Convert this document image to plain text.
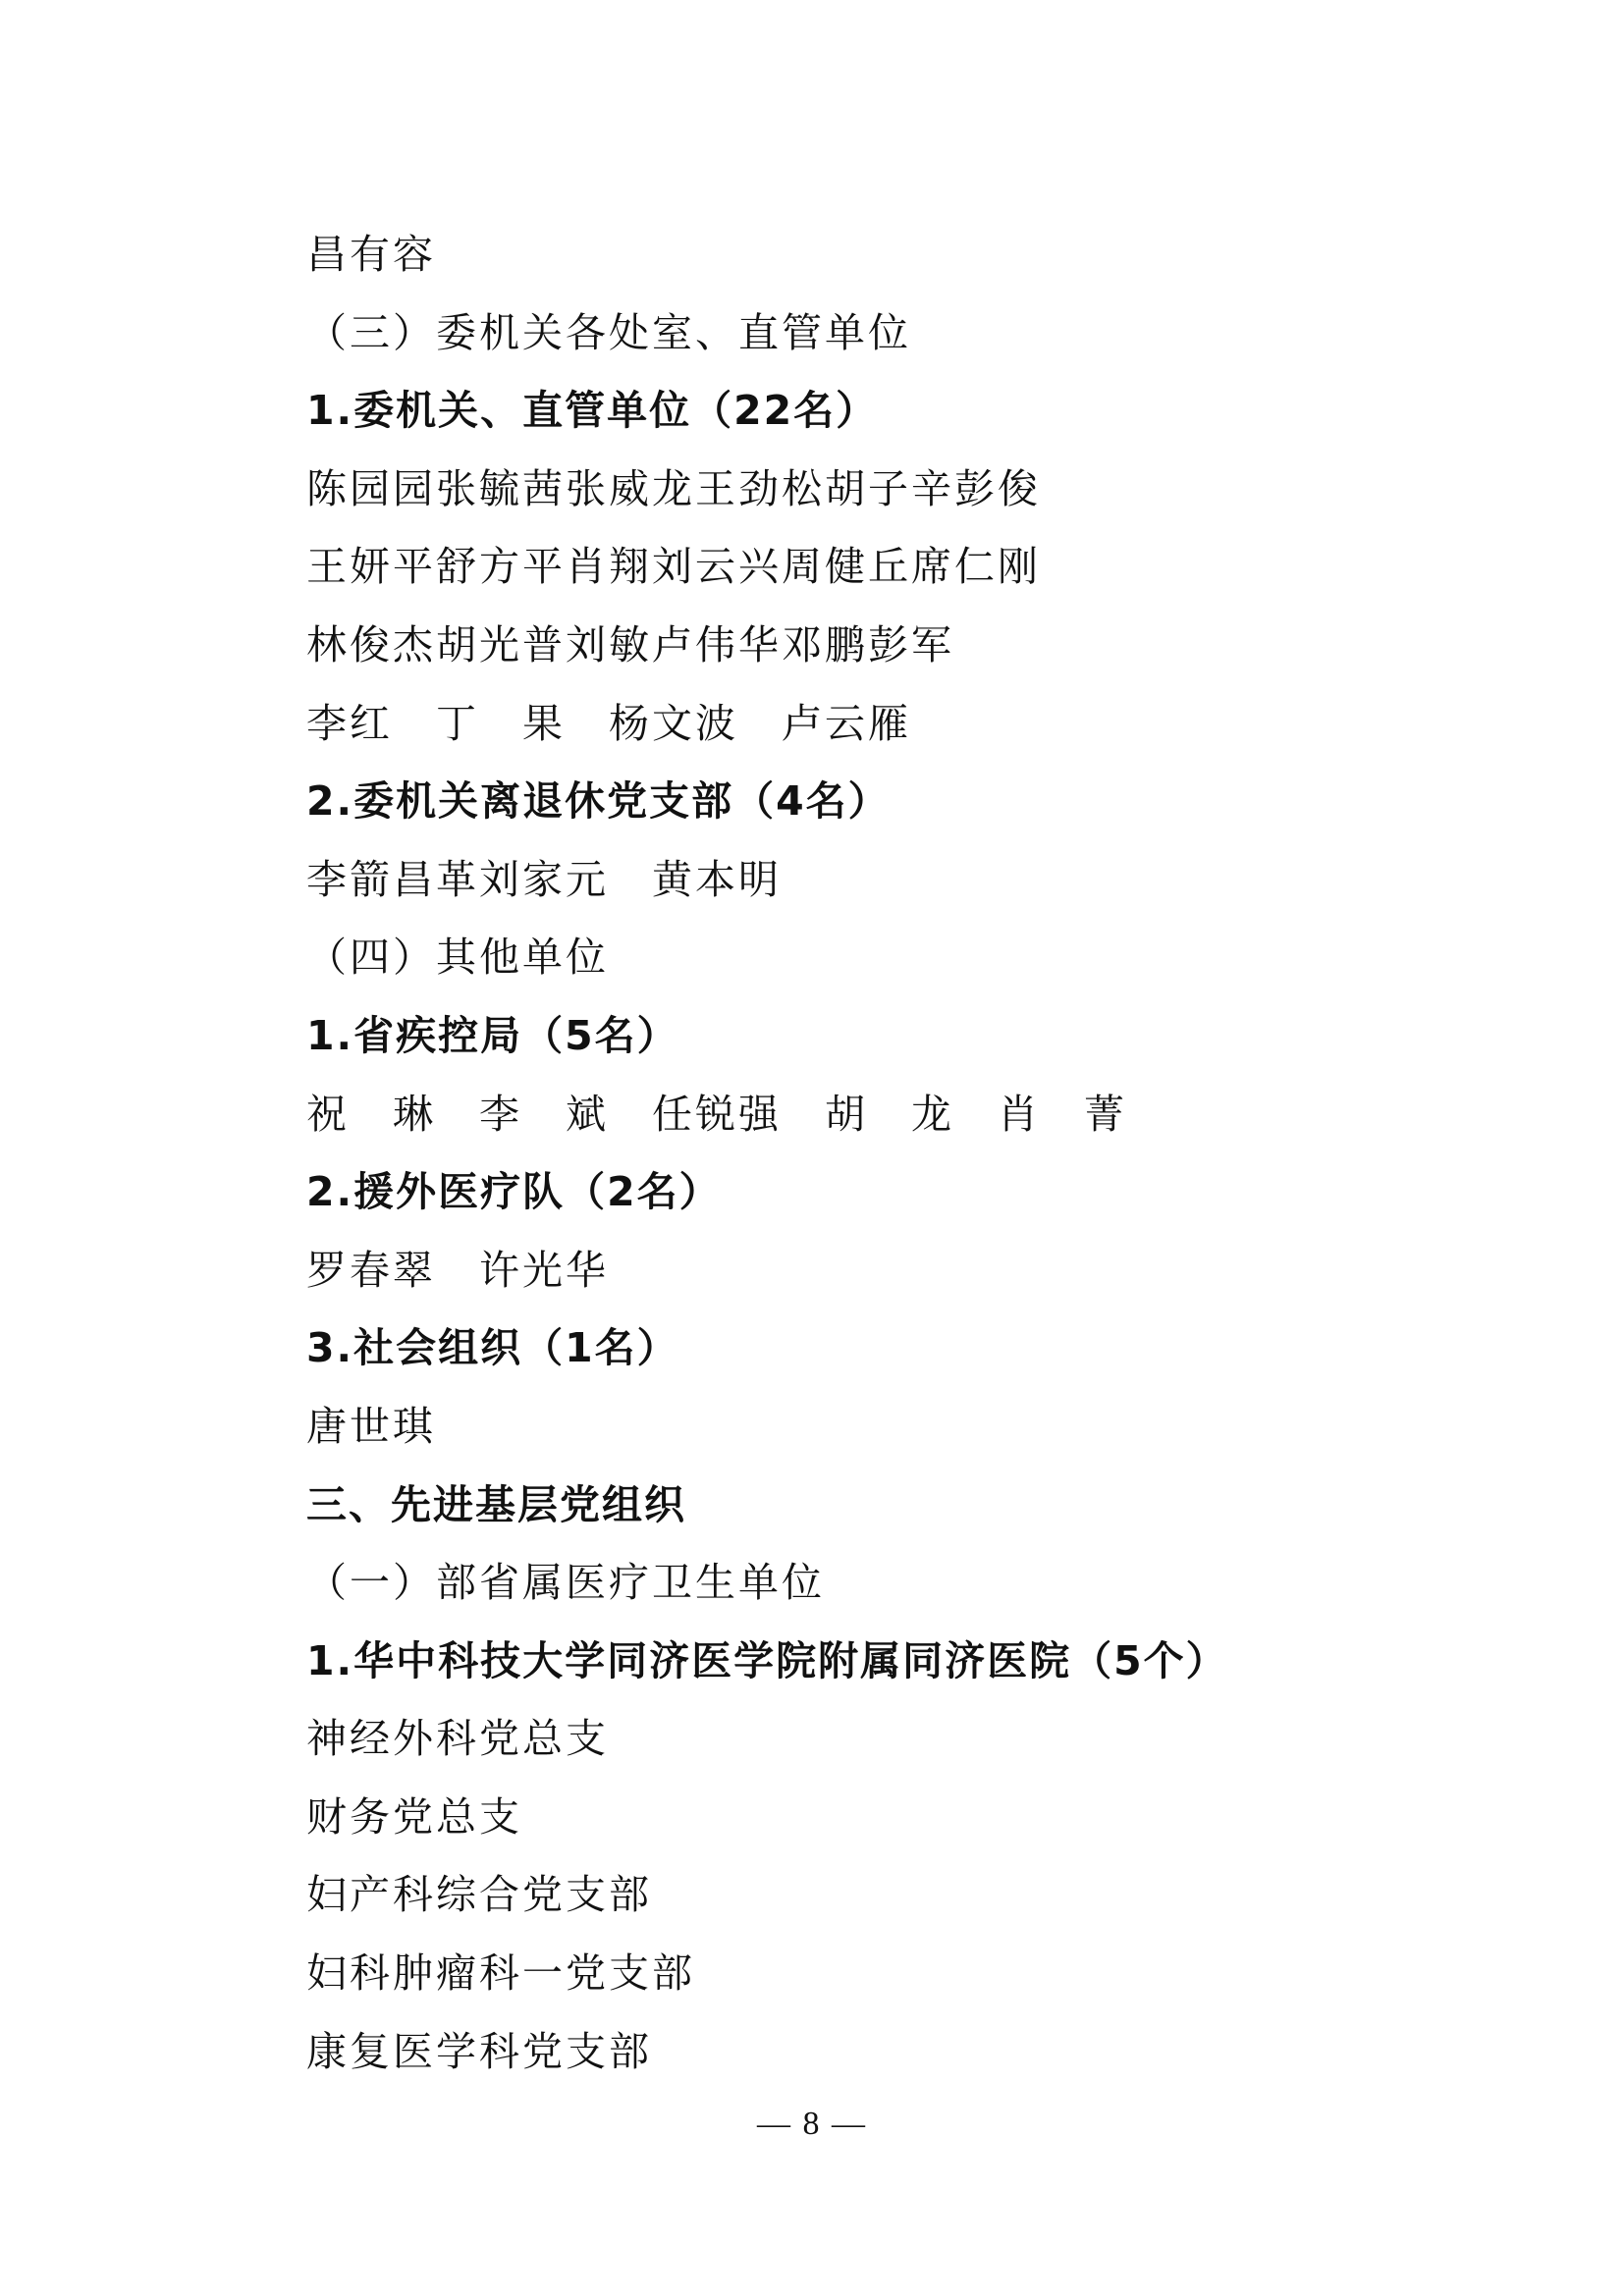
昌有容
（三）委机关各处室、直管单位
1.委机关、直管单位（22名）
陈园园张毓茜张威龙王劲松胡子辛彭俊
王妍平舒方平肖翔刘云兴周健丘席仁刚
林俊杰胡光普刘敏卢伟华邓鹏彭军
李红　丁　果　杨文波　卢云雁
2.委机关离退休党支部（4名）
李箭昌革刘家元　黄本明
（四）其他单位
1.省疾控局（5名）
祝　琳　李　斌　任锐强　胡　龙　肖　菁
2.援外医疗队（2名）
罗春翠　许光华
3.社会组织（1名）
唐世琪
三、先进基层党组织
（一）部省属医疗卫生单位
1.华中科技大学同济医学院附属同济医院（5个）
神经外科党总支
财务党总支
妇产科综合党支部
妇科肿瘤科一党支部
康复医学科党支部
— 8 —
